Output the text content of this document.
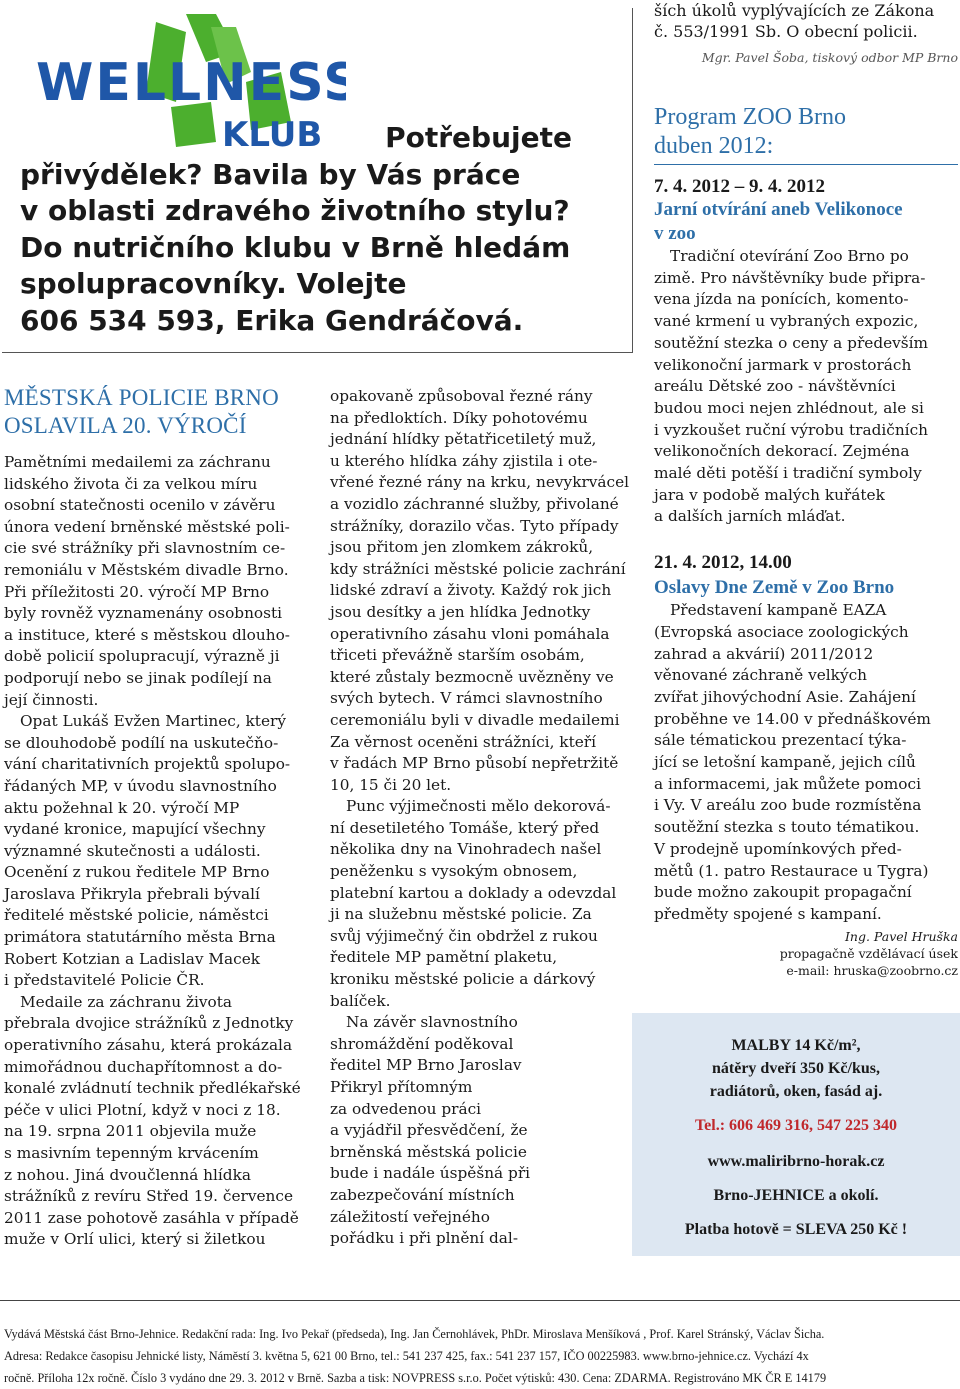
WELLNESS
KLUB	Potřebujete
přivýdělek? Bavila by Vás práce
v oblasti zdravého životního stylu?
Do nutričního klubu v Brně hledám
spolupracovníky. Volejte
606 534 593, Erika Gendráčová.
MĚSTSKÁ POLICIE BRNO
OSLAVILA 20. VÝROČÍ
Pamětními medailemi za záchranu
lidského života či za velkou míru
osobní statečnosti ocenilo v závěru
února vedení brněnské městské poli-
cie své strážníky při slavnostním ce-
remoniálu v Městském divadle Brno.
Při příležitosti 20. výročí MP Brno
byly rovněž vyznamenány osobnosti
a instituce, které s městskou dlouho-
době policií spolupracují, výrazně ji
podporují nebo se jinak podílejí na
její činnosti.
Opat Lukáš Evžen Martinec, který
se dlouhodobě podílí na uskutečňo-
vání charitativních projektů spolupo-
řádaných MP, v úvodu slavnostního
aktu požehnal k 20. výročí MP
vydané kronice, mapující všechny
významné skutečnosti a události.
Ocenění z rukou ředitele MP Brno
Jaroslava Přikryla přebrali bývalí
ředitelé městské policie, náměstci
primátora statutárního města Brna
Robert Kotzian a Ladislav Macek
i představitelé Policie ČR.
Medaile za záchranu života
přebrala dvojice strážníků z Jednotky
operativního zásahu, která prokázala
mimořádnou duchapřítomnost a do-
konalé zvládnutí technik předlékařské
péče v ulici Plotní, když v noci z 18.
na 19. srpna 2011 objevila muže
s masivním tepenným krvácením
z nohou. Jiná dvoučlenná hlídka
strážníků z revíru Střed 19. července
2011 zase pohotově zasáhla v případě
muže v Orlí ulici, který si žiletkou
opakovaně způsoboval řezné rány
na předloktích. Díky pohotovému
jednání hlídky pětatřicetiletý muž,
u kterého hlídka záhy zjistila i ote-
vřené řezné rány na krku, nevykrvácel
a vozidlo záchranné služby, přivolané
strážníky, dorazilo včas. Tyto případy
jsou přitom jen zlomkem zákroků,
kdy strážníci městské policie zachrání
lidské zdraví a životy. Každý rok jich
jsou desítky a jen hlídka Jednotky
operativního zásahu vloni pomáhala
třiceti převážně starším osobám,
které zůstaly bezmocně uvězněny ve
svých bytech. V rámci slavnostního
ceremoniálu byli v divadle medailemi
Za věrnost oceněni strážníci, kteří
v řadách MP Brno působí nepřetržitě
10, 15 či 20 let.
Punc výjimečnosti mělo dekorová-
ní desetiletého Tomáše, který před
několika dny na Vinohradech našel
peněženku s vysokým obnosem,
platební kartou a doklady a odevzdal
ji na služebnu městské policie. Za
svůj výjimečný čin obdržel z rukou
ředitele MP pamětní plaketu,
kroniku městské policie a dárkový
balíček.
Na závěr slavnostního
shromáždění poděkoval
ředitel MP Brno Jaroslav
Přikryl přítomným
za odvedenou práci
a vyjádřil přesvědčení, že
brněnská městská policie
bude i nadále úspěšná při
zabezpečování místních
záležitostí veřejného
pořádku i při plnění dal-
ších úkolů vyplývajících ze Zákona
č. 553/1991 Sb. O obecní policii.
Mgr. Pavel Šoba, tiskový odbor MP Brno
Program ZOO Brno
duben 2012:
7. 4. 2012 – 9. 4. 2012
Jarní otvírání aneb Velikonoce
v zoo
Tradiční otevírání Zoo Brno po
zimě. Pro návštěvníky bude připra-
vena jízda na ponících, komento-
vané krmení u vybraných expozic,
soutěžní stezka o ceny a především
velikonoční jarmark v prostorách
areálu Dětské zoo - návštěvníci
budou moci nejen zhlédnout, ale si
i vyzkoušet ruční výrobu tradičních
velikonočních dekorací. Zejména
malé děti potěší i tradiční symboly
jara v podobě malých kuřátek
a dalších jarních mláďat.
21. 4. 2012, 14.00
Oslavy Dne Země v Zoo Brno
Představení kampaně EAZA
(Evropská asociace zoologických
zahrad a akvárií) 2011/2012
věnované záchraně velkých
zvířat jihovýchodní Asie. Zahájení
proběhne ve 14.00 v přednáškovém
sále tématickou prezentací týka-
jící se letošní kampaně, jejich cílů
a informacemi, jak můžete pomoci
i Vy. V areálu zoo bude rozmístěna
soutěžní stezka s touto tématikou.
V prodejně upomínkových před-
mětů (1. patro Restaurace u Tygra)
bude možno zakoupit propagační
předměty spojené s kampaní.
Ing. Pavel Hruška
propagačně vzdělávací úsek
e-mail: hruska@zoobrno.cz
MALBY 14 Kč/m²,
nátěry dveří 350 Kč/kus,
radiátorů, oken, fasád aj.
Tel.: 606 469 316, 547 225 340
www.maliribrno-horak.cz
Brno-JEHNICE a okolí.
Platba hotově = SLEVA 250 Kč !
Vydává Městská část Brno-Jehnice. Redakční rada: Ing. Ivo Pekař (předseda), Ing. Jan Černohlávek, PhDr. Miroslava Menšíková , Prof. Karel Stránský, Václav Šicha.
Adresa: Redakce časopisu Jehnické listy, Náměstí 3. května 5, 621 00 Brno, tel.: 541 237 425, fax.: 541 237 157, IČO 00225983. www.brno-jehnice.cz. Vychází 4x
ročně. Příloha 12x ročně. Číslo 3 vydáno dne 29. 3. 2012 v Brně. Sazba a tisk: NOVPRESS s.r.o. Počet výtisků: 430. Cena: ZDARMA. Registrováno MK ČR E 14179
